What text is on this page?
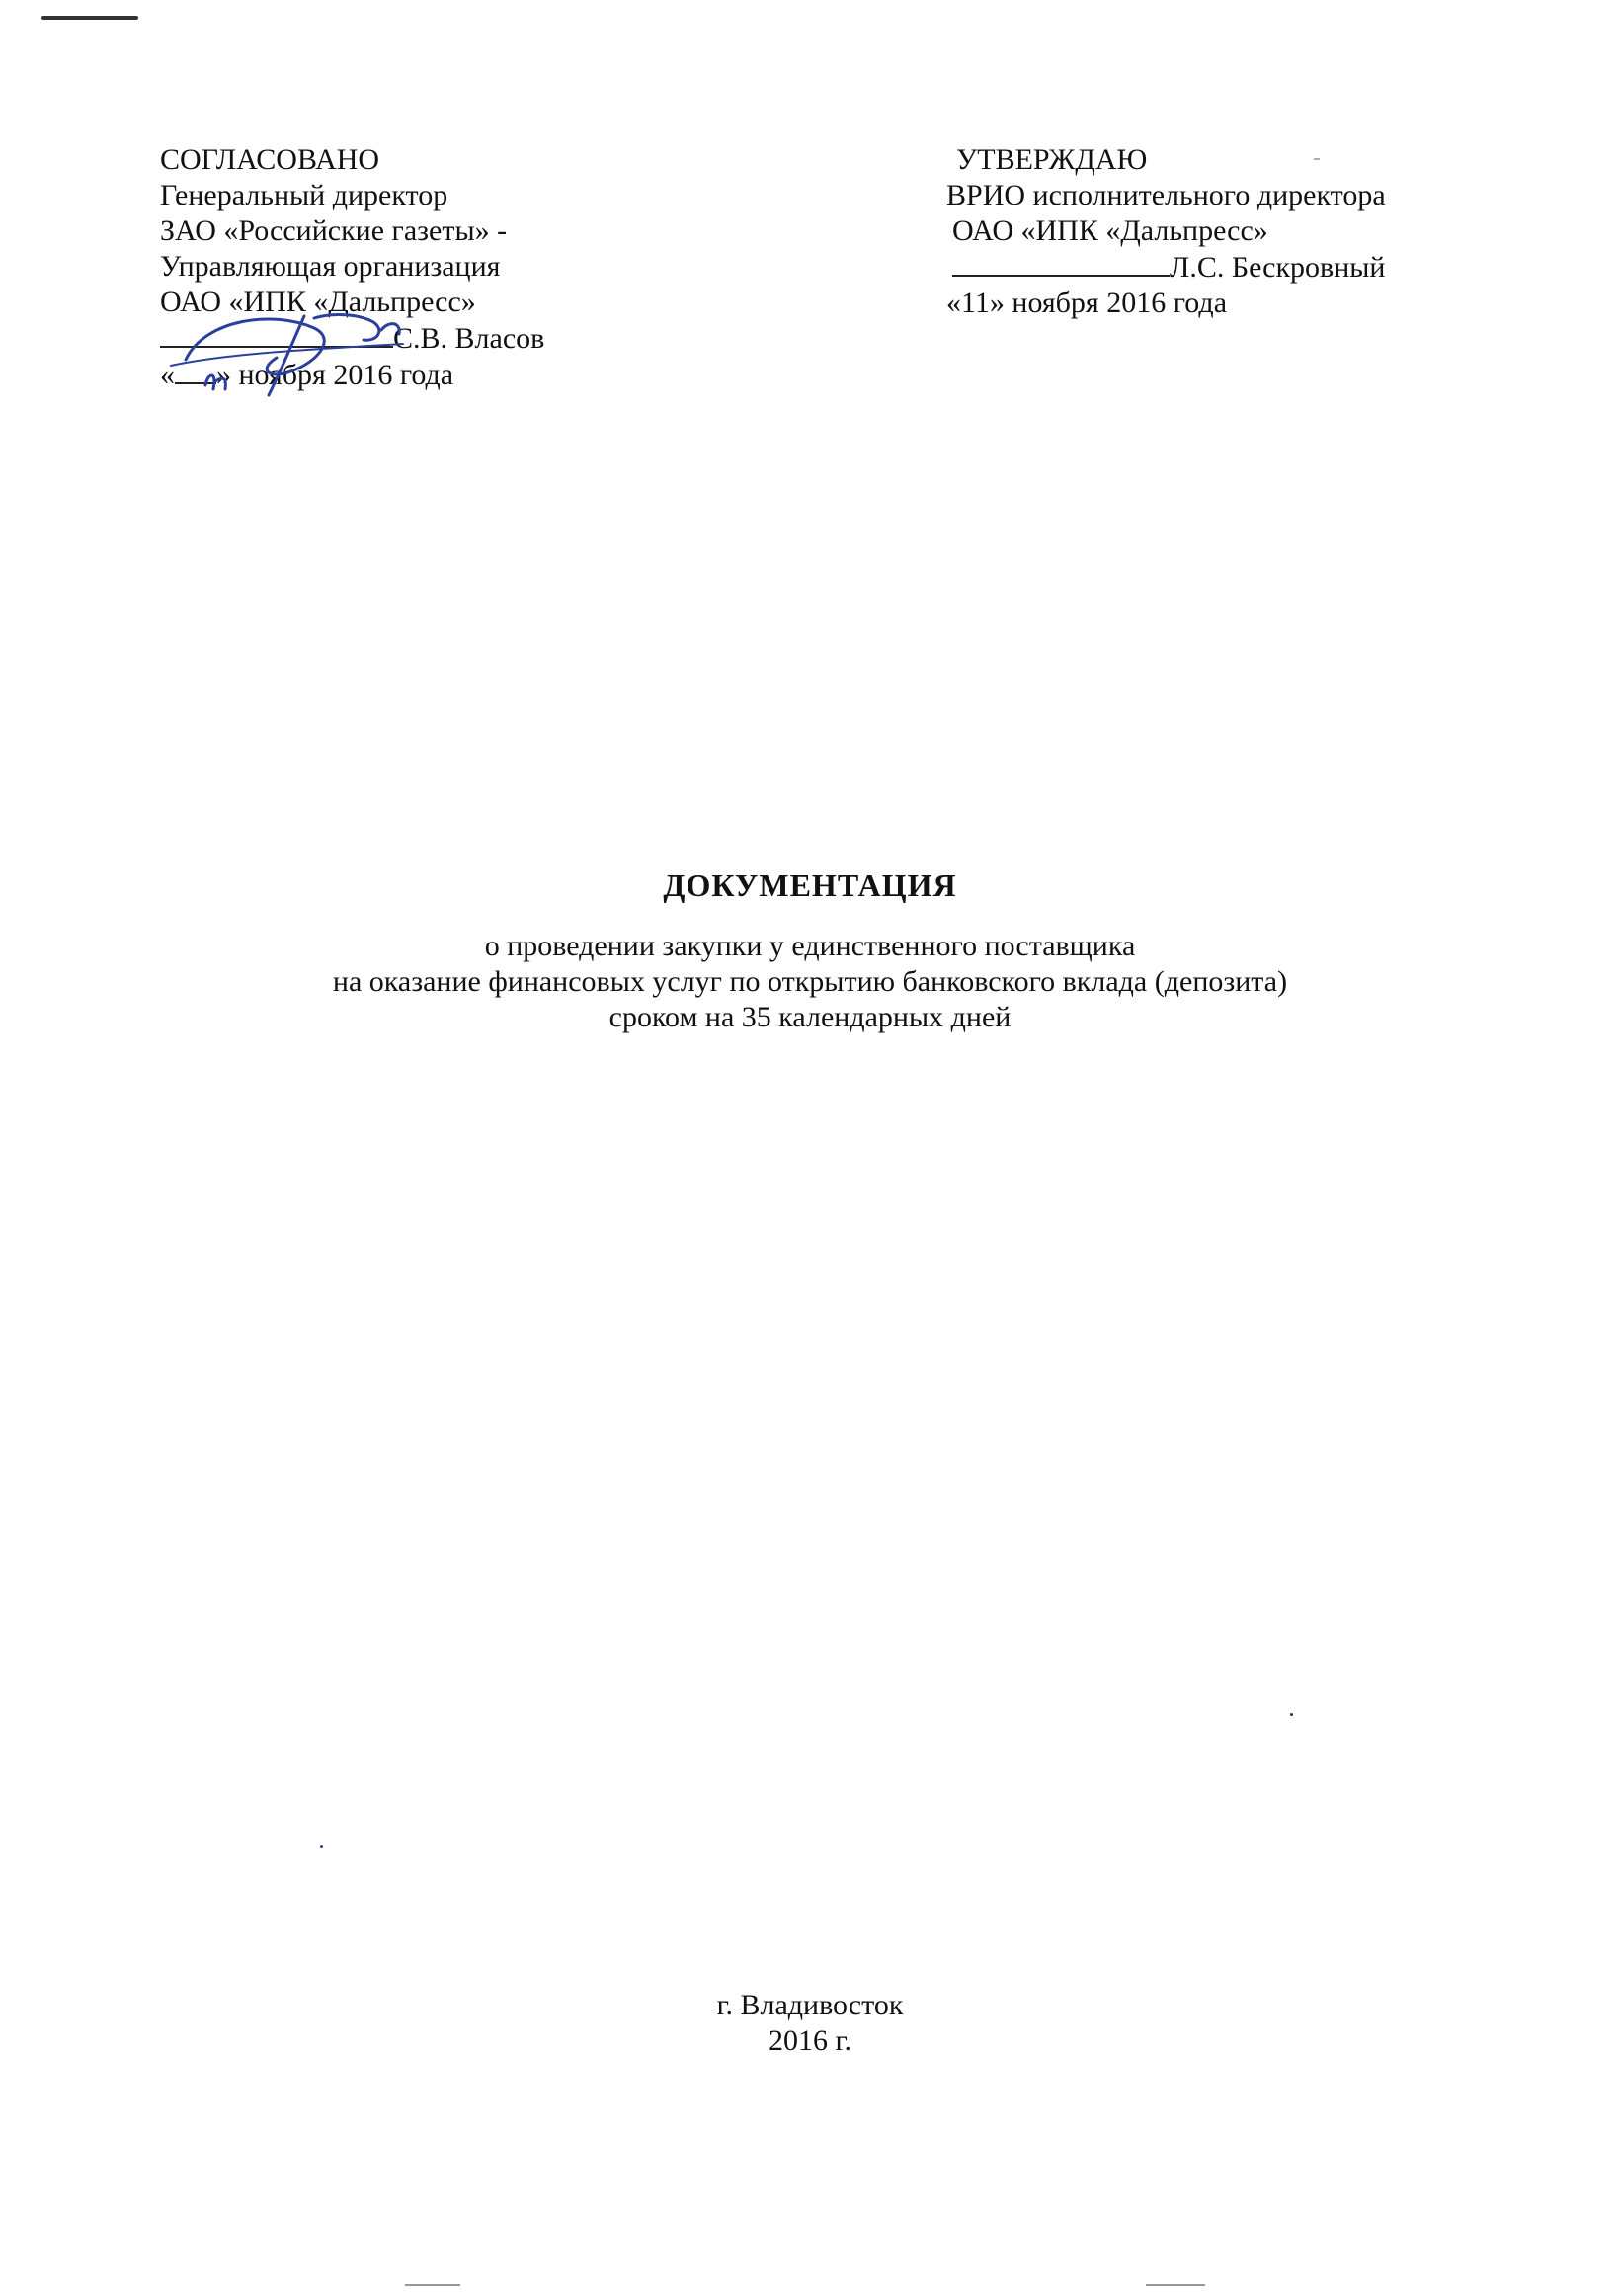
СОГЛАСОВАНО
Генеральный директор
ЗАО «Российские газеты» -
Управляющая организация
ОАО «ИПК «Дальпресс»
С.В. Власов
« » ноября 2016 года
УТВЕРЖДАЮ
ВРИО исполнительного директора
ОАО «ИПК «Дальпресс»
Л.С. Бескровный
«11» ноября 2016 года
ДОКУМЕНТАЦИЯ
о проведении закупки у единственного поставщика
на оказание финансовых услуг по открытию банковского вклада (депозита)
сроком на 35 календарных дней
г. Владивосток
2016 г.
